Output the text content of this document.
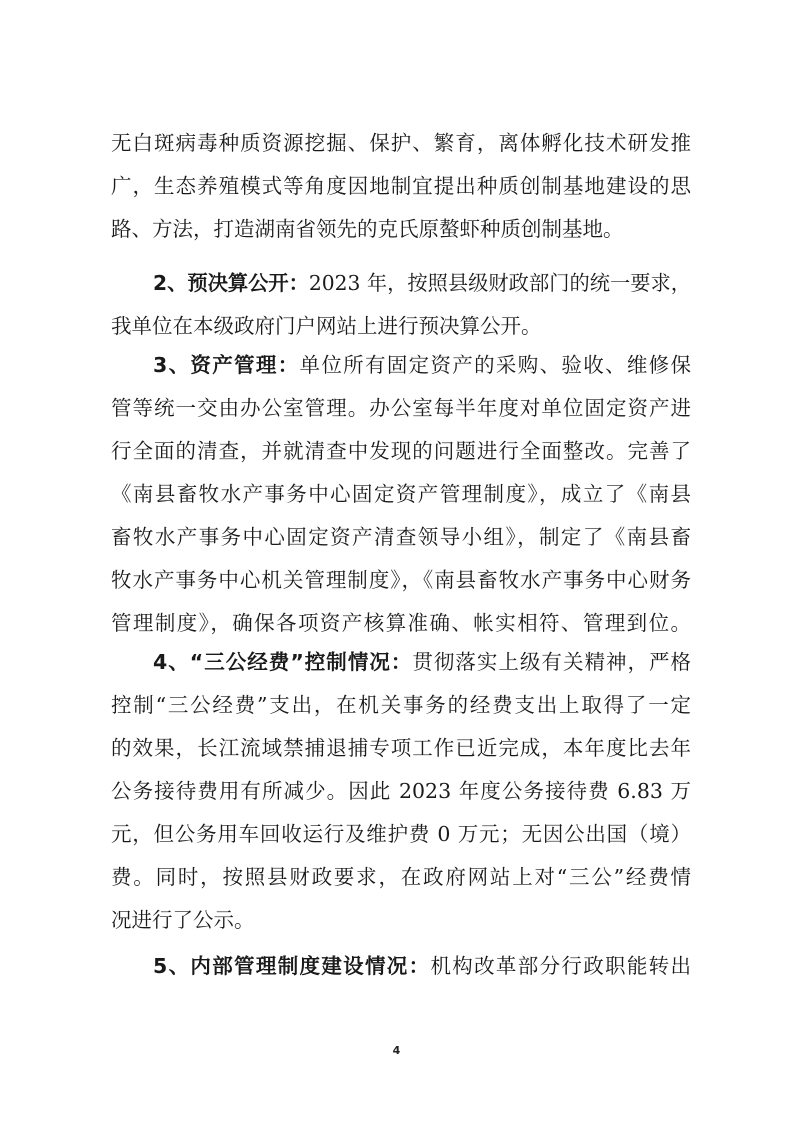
无白斑病毒种质资源挖掘、保护、繁育，离体孵化技术研发推
广，生态养殖模式等角度因地制宜提出种质创制基地建设的思
路、方法，打造湖南省领先的克氏原螯虾种质创制基地。
2、预决算公开：2023 年，按照县级财政部门的统一要求，
我单位在本级政府门户网站上进行预决算公开。
3、资产管理：单位所有固定资产的采购、验收、维修保
管等统一交由办公室管理。办公室每半年度对单位固定资产进
行全面的清查，并就清查中发现的问题进行全面整改。完善了
《南县畜牧水产事务中心固定资产管理制度》，成立了《南县
畜牧水产事务中心固定资产清查领导小组》，制定了《南县畜
牧水产事务中心机关管理制度》，《南县畜牧水产事务中心财务
管理制度》，确保各项资产核算准确、帐实相符、管理到位。
4、“三公经费”控制情况：贯彻落实上级有关精神，严格
控制“三公经费”支出，在机关事务的经费支出上取得了一定
的效果，长江流域禁捕退捕专项工作已近完成，本年度比去年
公务接待费用有所减少。因此 2023 年度公务接待费 6.83 万
元，但公务用车回收运行及维护费 0 万元；无因公出国（境）
费。同时，按照县财政要求，在政府网站上对“三公”经费情
况进行了公示。
5、内部管理制度建设情况：机构改革部分行政职能转出
4
